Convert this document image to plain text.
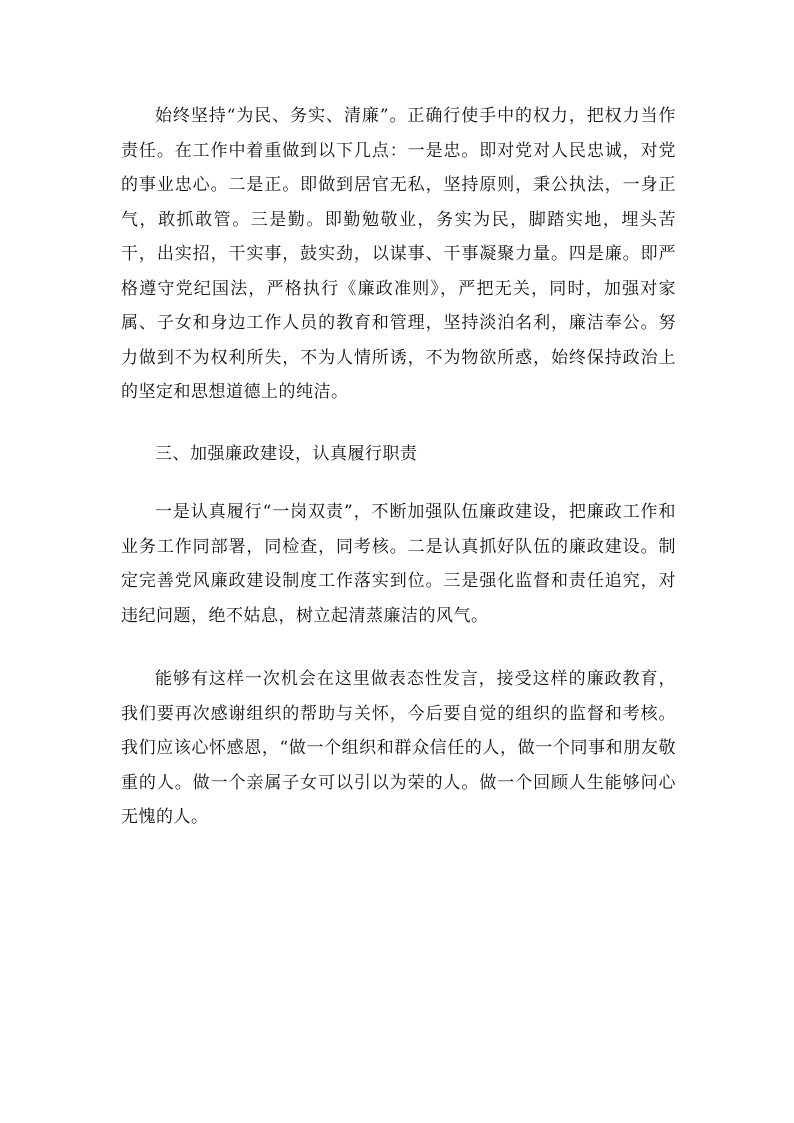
始终坚持“为民、务实、清廉”。正确行使手中的权力，把权力当作责任。在工作中着重做到以下几点：一是忠。即对党对人民忠诚，对党的事业忠心。二是正。即做到居官无私，坚持原则，秉公执法，一身正气，敢抓敢管。三是勤。即勤勉敬业，务实为民，脚踏实地，埋头苦干，出实招，干实事，鼓实劲，以谋事、干事凝聚力量。四是廉。即严格遵守党纪国法，严格执行《廉政准则》，严把无关，同时，加强对家属、子女和身边工作人员的教育和管理，坚持淡泊名利，廉洁奉公。努力做到不为权利所失，不为人情所诱，不为物欲所惑，始终保持政治上的坚定和思想道德上的纯洁。

三、加强廉政建设，认真履行职责

一是认真履行“一岗双责”，不断加强队伍廉政建设，把廉政工作和业务工作同部署，同检查，同考核。二是认真抓好队伍的廉政建设。制定完善党风廉政建设制度工作落实到位。三是强化监督和责任追究，对违纪问题，绝不姑息，树立起清蒸廉洁的风气。

能够有这样一次机会在这里做表态性发言，接受这样的廉政教育，我们要再次感谢组织的帮助与关怀，今后要自觉的组织的监督和考核。我们应该心怀感恩，“做一个组织和群众信任的人，做一个同事和朋友敬重的人。做一个亲属子女可以引以为荣的人。做一个回顾人生能够问心无愧的人。
